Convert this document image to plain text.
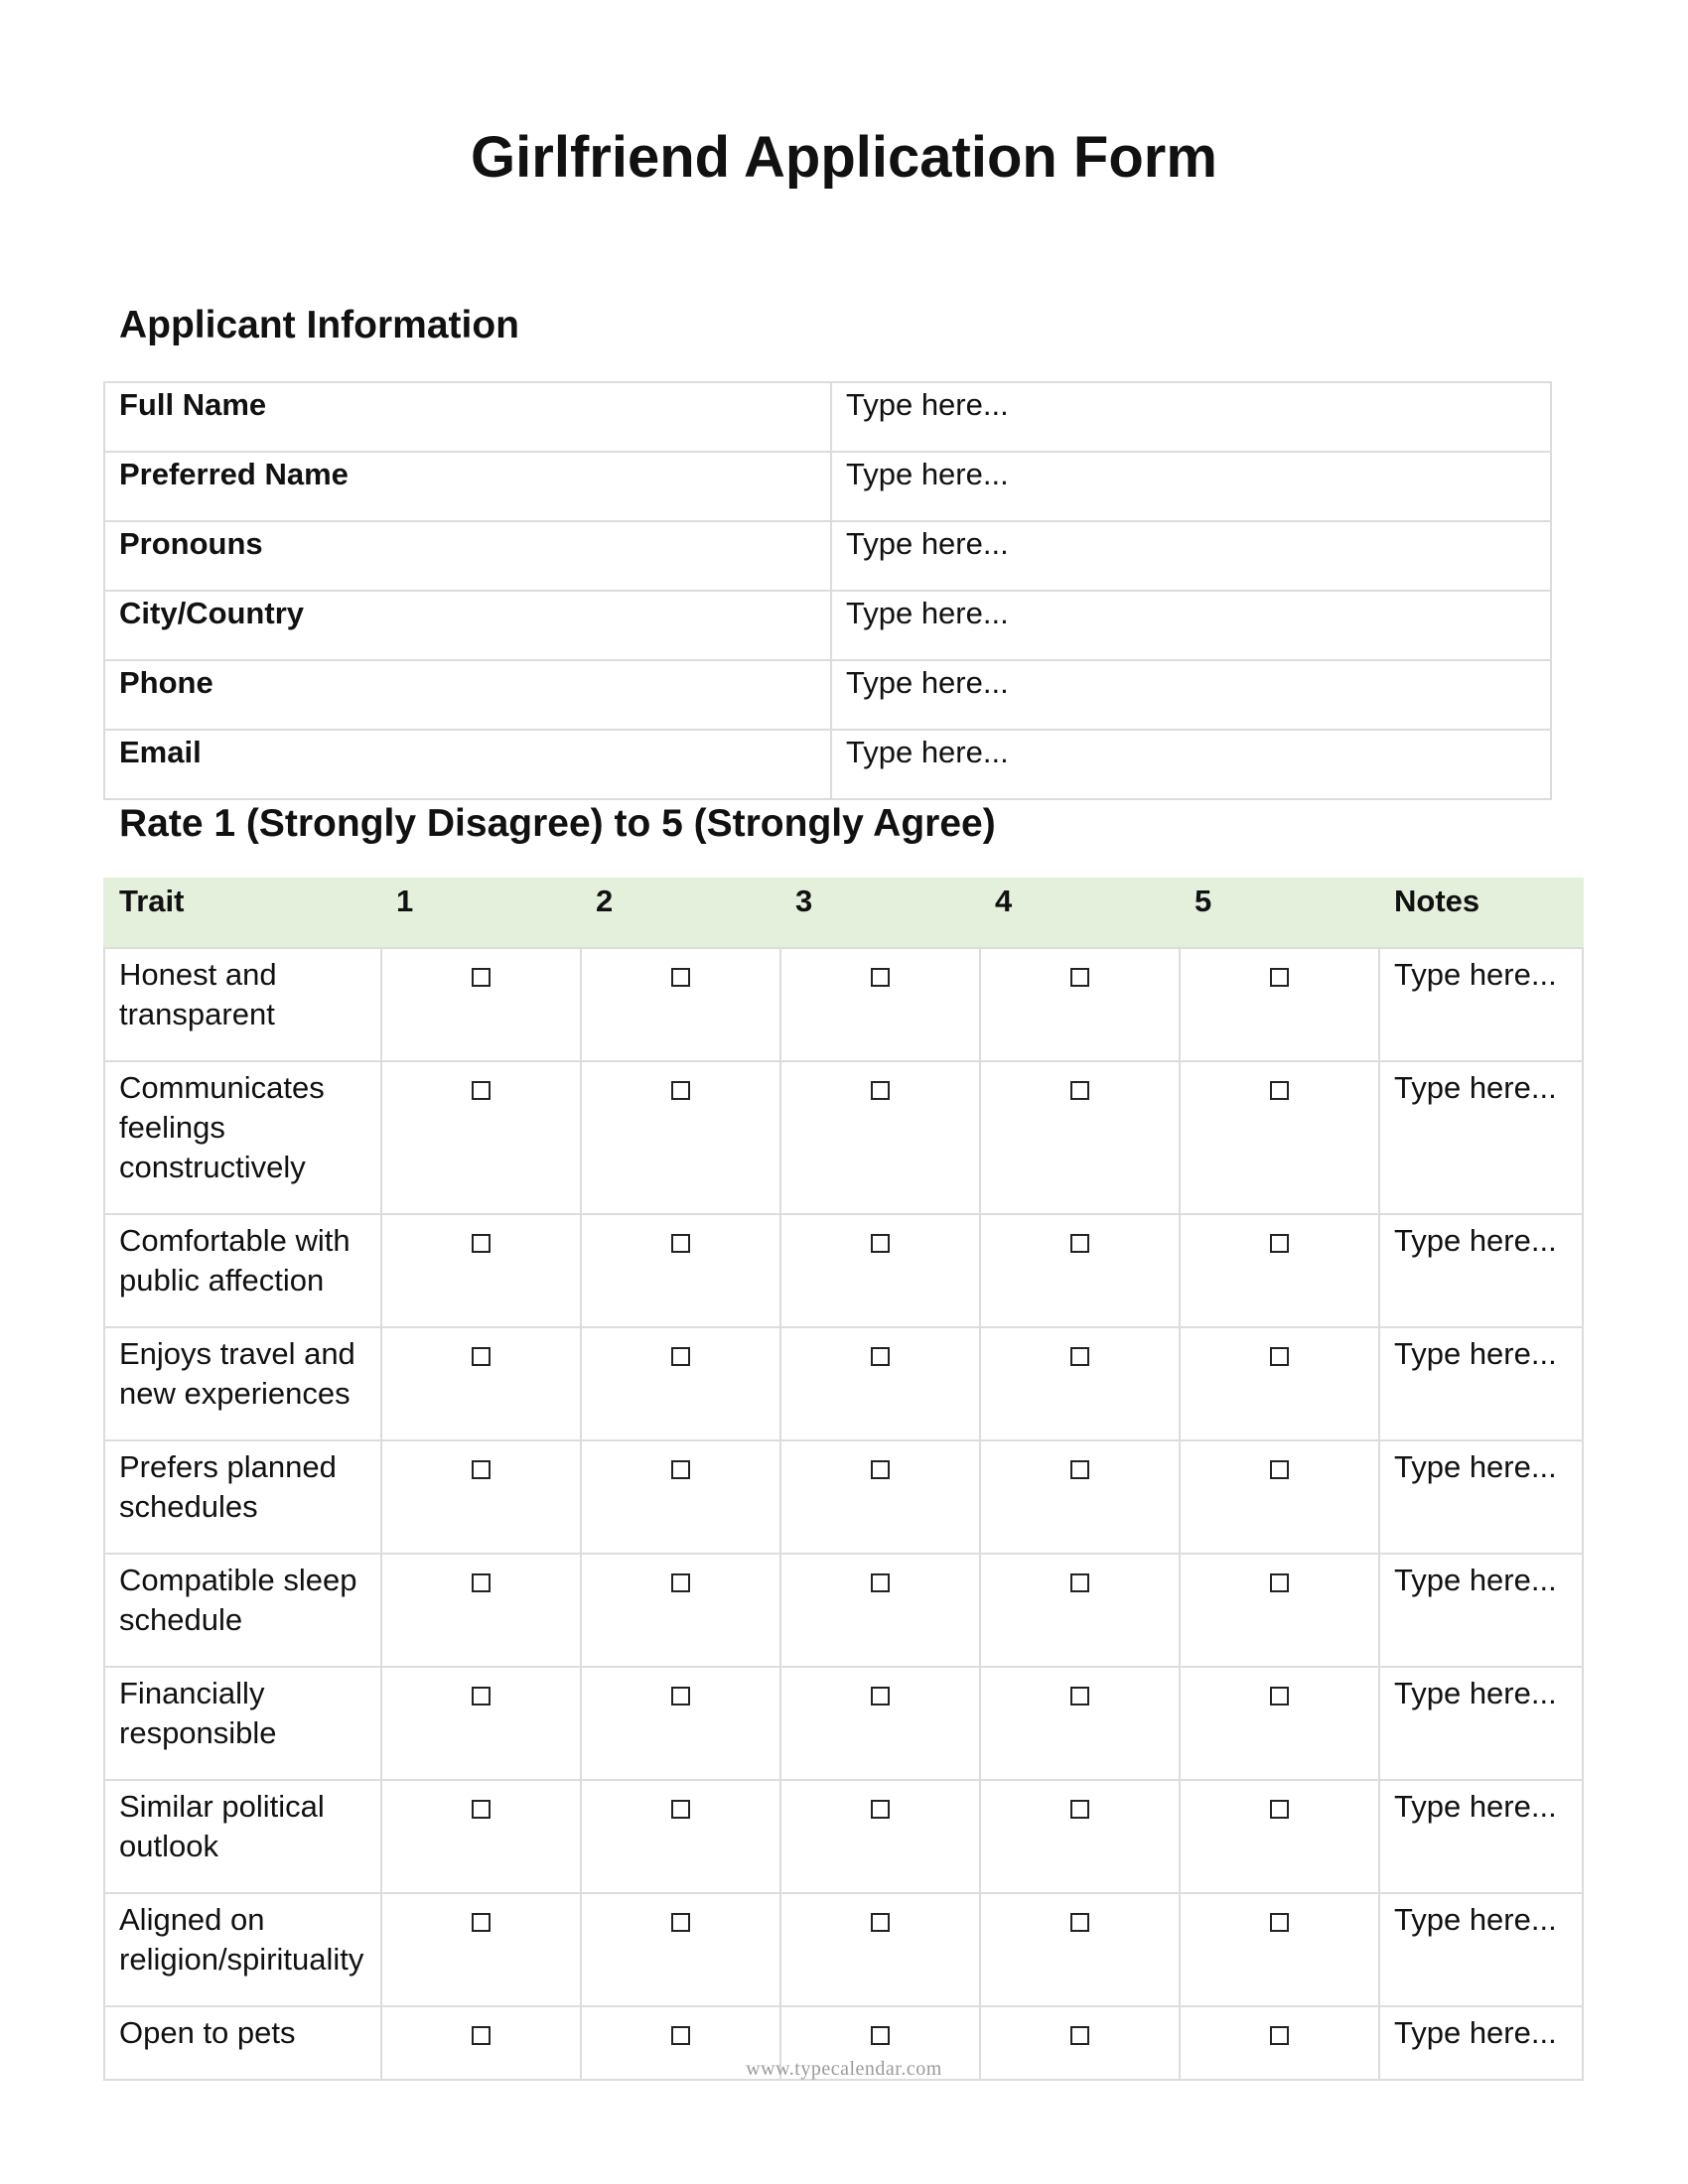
Girlfriend Application Form
Applicant Information
Full Name	Type here...

Preferred Name	Type here...

Pronouns	Type here...

City/Country	Type here...

Phone	Type here...

Email	Type here...
Rate 1 (Strongly Disagree) to 5 (Strongly Agree)
Trait	1	2	3	4	5	Notes

Honest and transparent						Type here...
Communicates feelings constructively						Type here...
Comfortable with public affection						Type here...
Enjoys travel and new experiences						Type here...
Prefers planned schedules						Type here...
Compatible sleep schedule						Type here...
Financially responsible						Type here...
Similar political outlook						Type here...
Aligned on religion/spirituality						Type here...
Open to pets						Type here...
www.typecalendar.com
